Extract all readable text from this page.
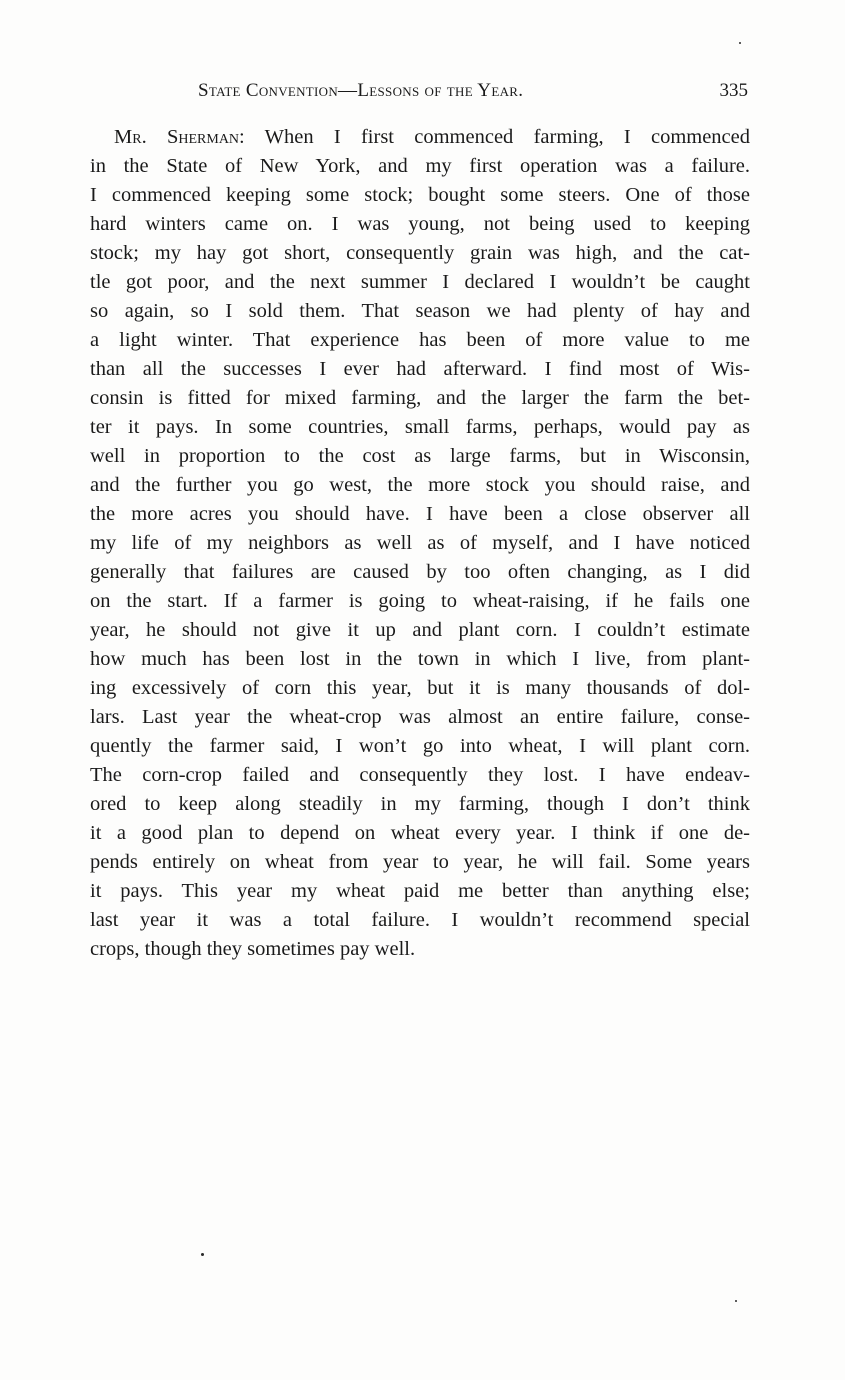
State Convention—Lessons of the Year.	335
Mr. Sherman: When I first commenced farming, I commenced
in the State of New York, and my first operation was a failure.
I commenced keeping some stock; bought some steers. One of those
hard winters came on. I was young, not being used to keeping
stock; my hay got short, consequently grain was high, and the cat-
tle got poor, and the next summer I declared I wouldn’t be caught
so again, so I sold them. That season we had plenty of hay and
a light winter. That experience has been of more value to me
than all the successes I ever had afterward. I find most of Wis-
consin is fitted for mixed farming, and the larger the farm the bet-
ter it pays. In some countries, small farms, perhaps, would pay as
well in proportion to the cost as large farms, but in Wisconsin,
and the further you go west, the more stock you should raise, and
the more acres you should have. I have been a close observer all
my life of my neighbors as well as of myself, and I have noticed
generally that failures are caused by too often changing, as I did
on the start. If a farmer is going to wheat-raising, if he fails one
year, he should not give it up and plant corn. I couldn’t estimate
how much has been lost in the town in which I live, from plant-
ing excessively of corn this year, but it is many thousands of dol-
lars. Last year the wheat-crop was almost an entire failure, conse-
quently the farmer said, I won’t go into wheat, I will plant corn.
The corn-crop failed and consequently they lost. I have endeav-
ored to keep along steadily in my farming, though I don’t think
it a good plan to depend on wheat every year. I think if one de-
pends entirely on wheat from year to year, he will fail. Some years
it pays. This year my wheat paid me better than anything else;
last year it was a total failure. I wouldn’t recommend special
crops, though they sometimes pay well.
